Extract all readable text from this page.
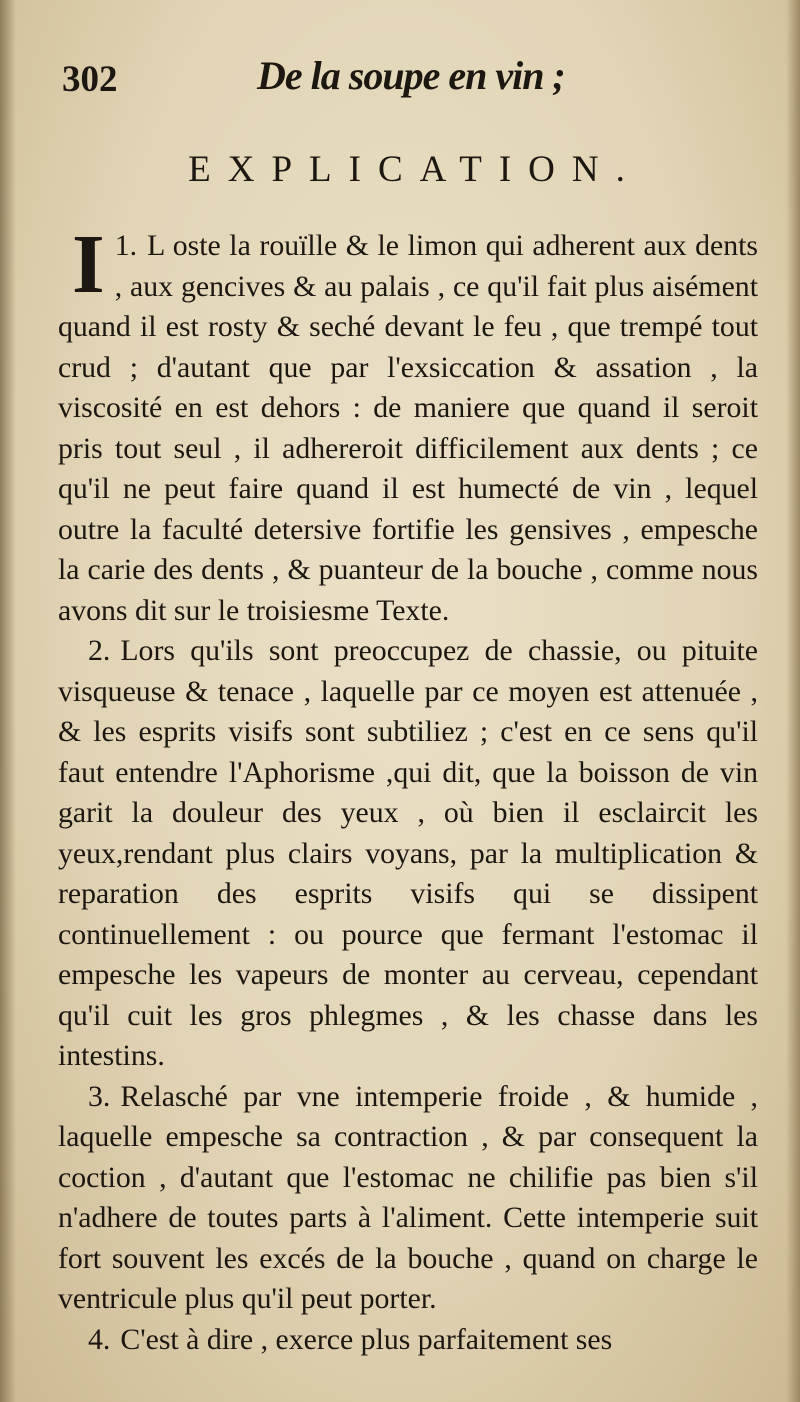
302	De la soupe en vin ;
EXPLICATION.

1.
I L oste la rouïlle & le limon qui adherent aux dents , aux gencives & au palais , ce qu'il fait plus aisément quand il est rosty & seché devant le feu , que trempé tout crud ; d'autant que par l'exsiccation & assation , la viscosité en est dehors : de maniere que quand il seroit pris tout seul , il adhereroit difficilement aux dents ; ce qu'il ne peut faire quand il est humecté de vin , lequel outre la faculté detersive fortifie les gensives , empesche la carie des dents , & puanteur de la bouche , comme nous avons dit sur le troisiesme Texte.

2. Lors qu'ils sont preoccupez de chassie, ou pituite visqueuse & tenace , laquelle par ce moyen est attenuée , & les esprits visifs sont subtiliez ; c'est en ce sens qu'il faut entendre l'Aphorisme ,qui dit, que la boisson de vin garit la douleur des yeux , où bien il esclaircit les yeux,rendant plus clairs voyans, par la multiplication & reparation des esprits visifs qui se dissipent continuellement : ou pource que fermant l'estomac il empesche les vapeurs de monter au cerveau, cependant qu'il cuit les gros phlegmes , & les chasse dans les intestins.

3. Relasché par vne intemperie froide , & humide , laquelle empesche sa contraction , & par consequent la coction , d'autant que l'estomac ne chilifie pas bien s'il n'adhere de toutes parts à l'aliment. Cette intemperie suit fort souvent les excés de la bouche , quand on charge le ventricule plus qu'il peut porter.

4. C'est à dire , exerce plus parfaitement ses
